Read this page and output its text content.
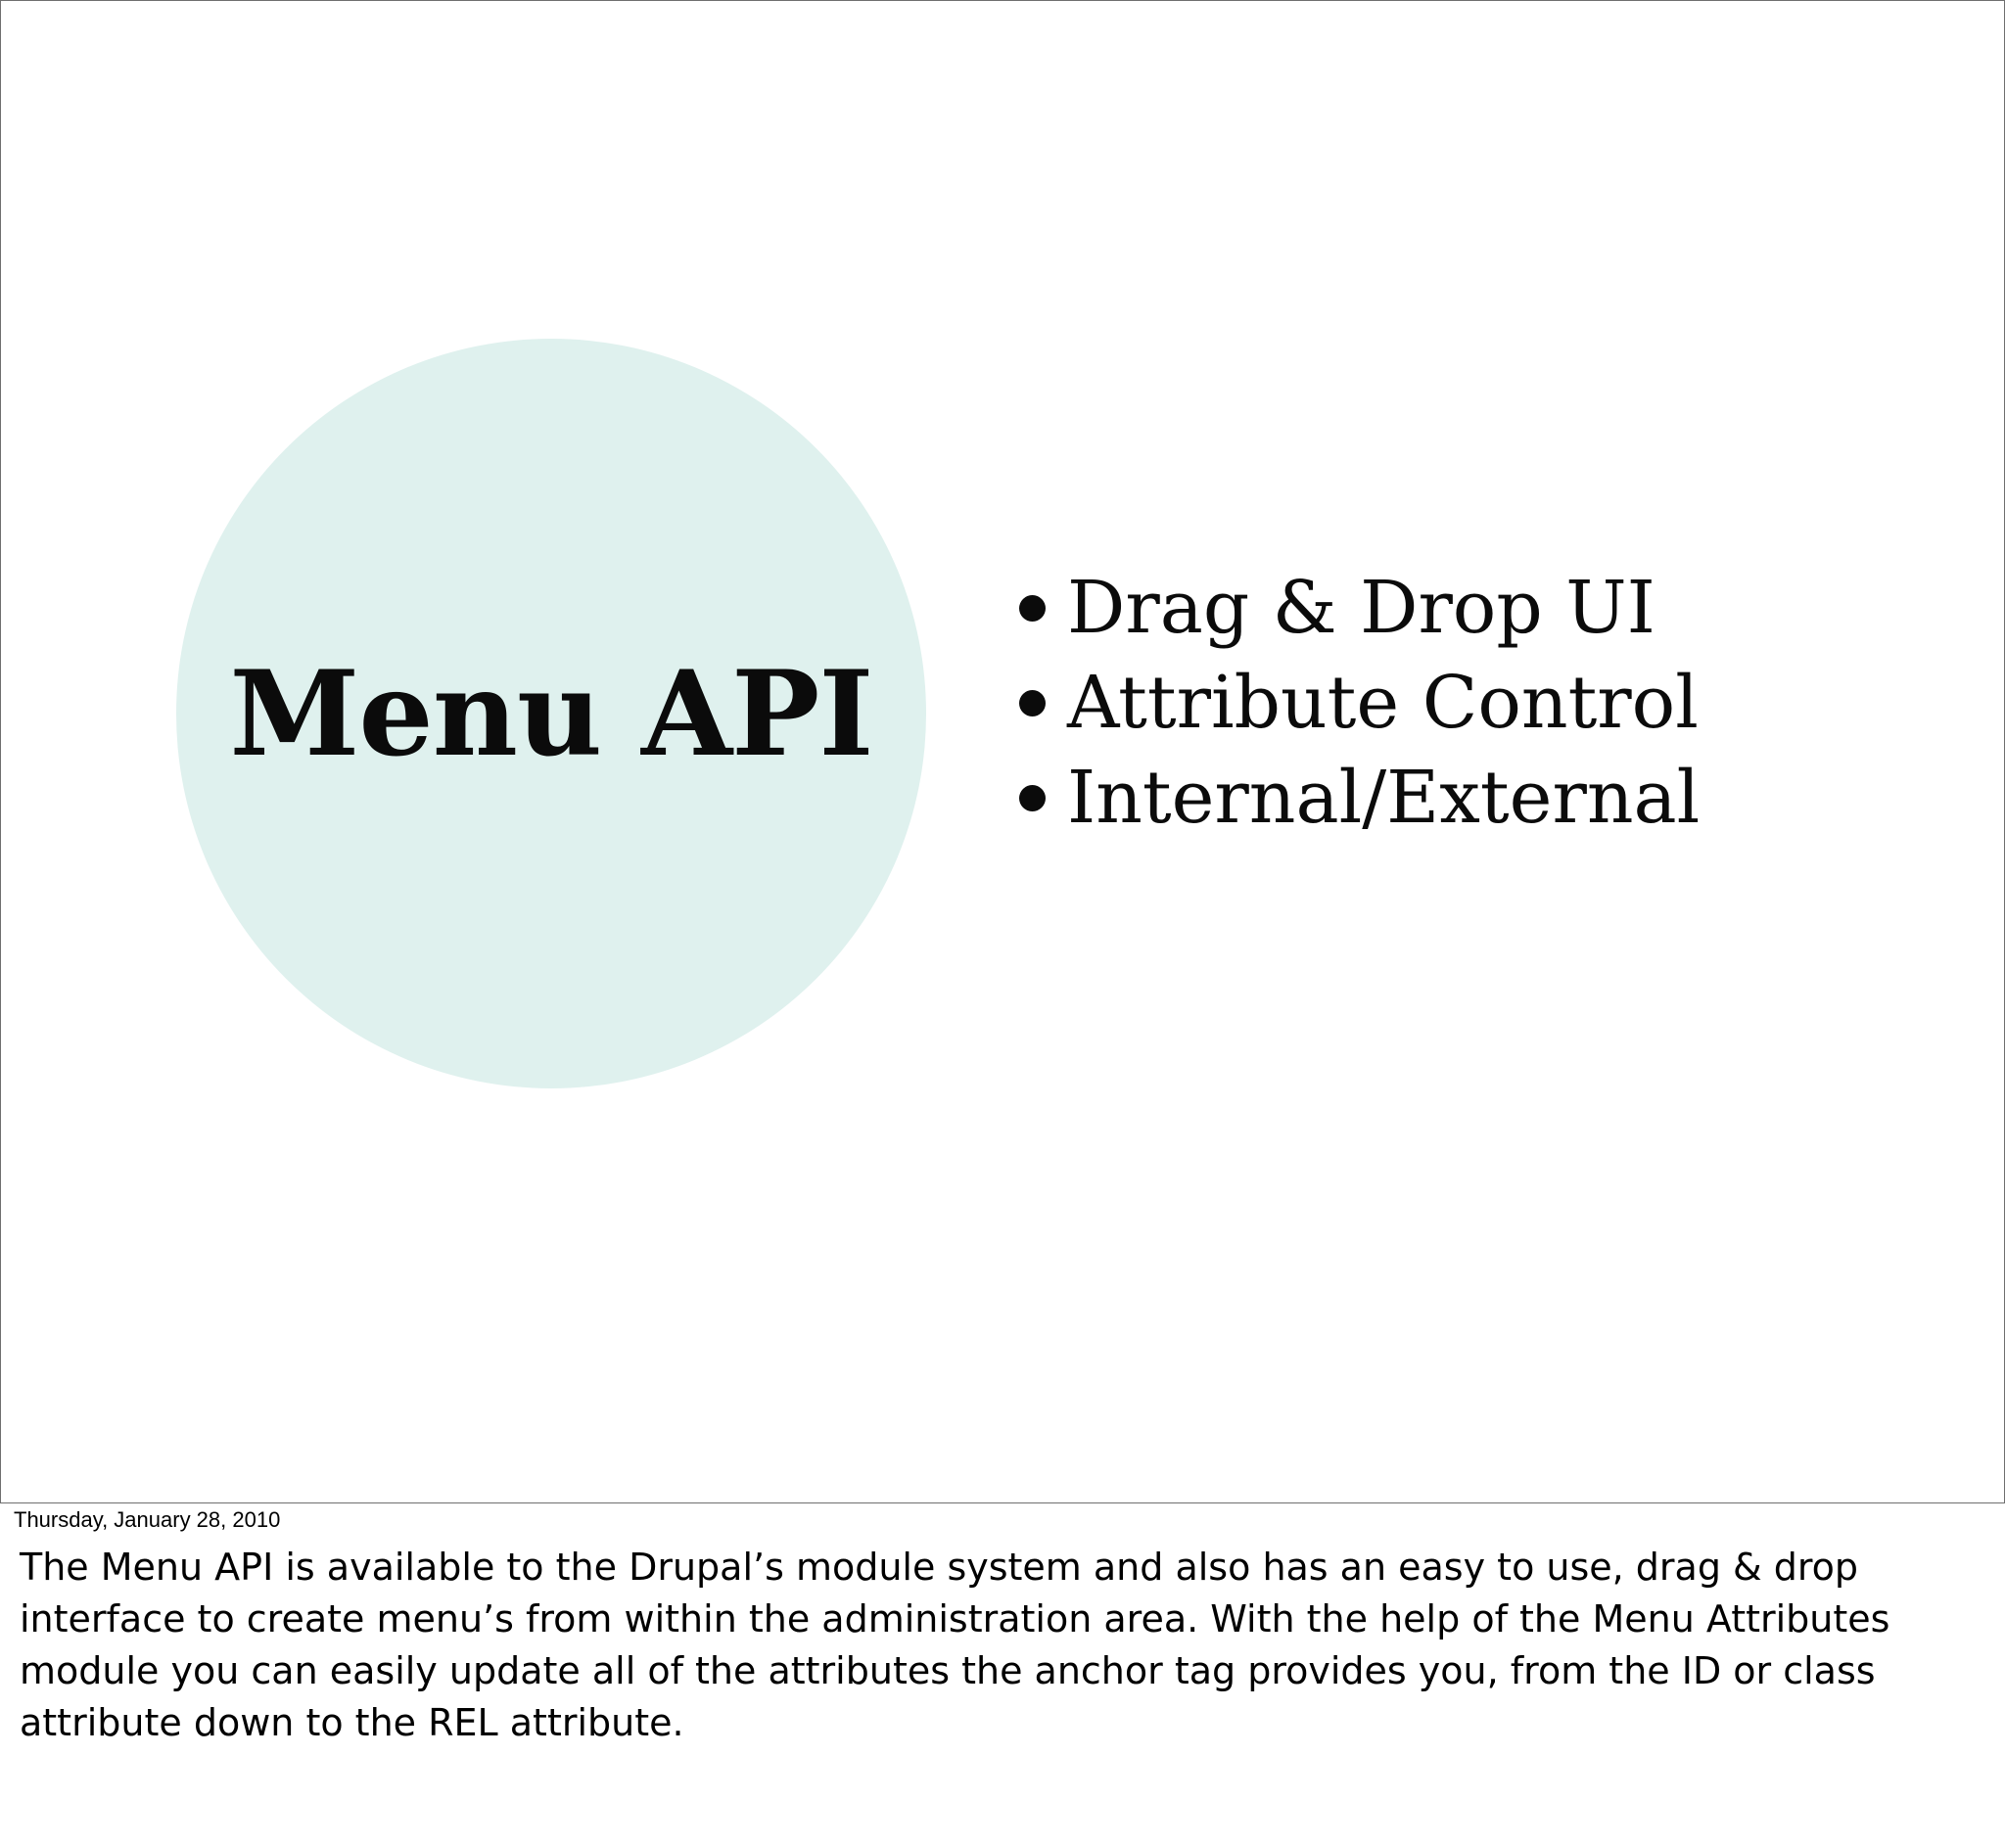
Menu API
Drag & Drop UI
Attribute Control
Internal/External

Thursday, January 28, 2010

The Menu API is available to the Drupal’s module system and also has an easy to use, drag & drop interface to create menu’s from within the administration area. With the help of the Menu Attributes module you can easily update all of the attributes the anchor tag provides you, from the ID or class attribute down to the REL attribute.
